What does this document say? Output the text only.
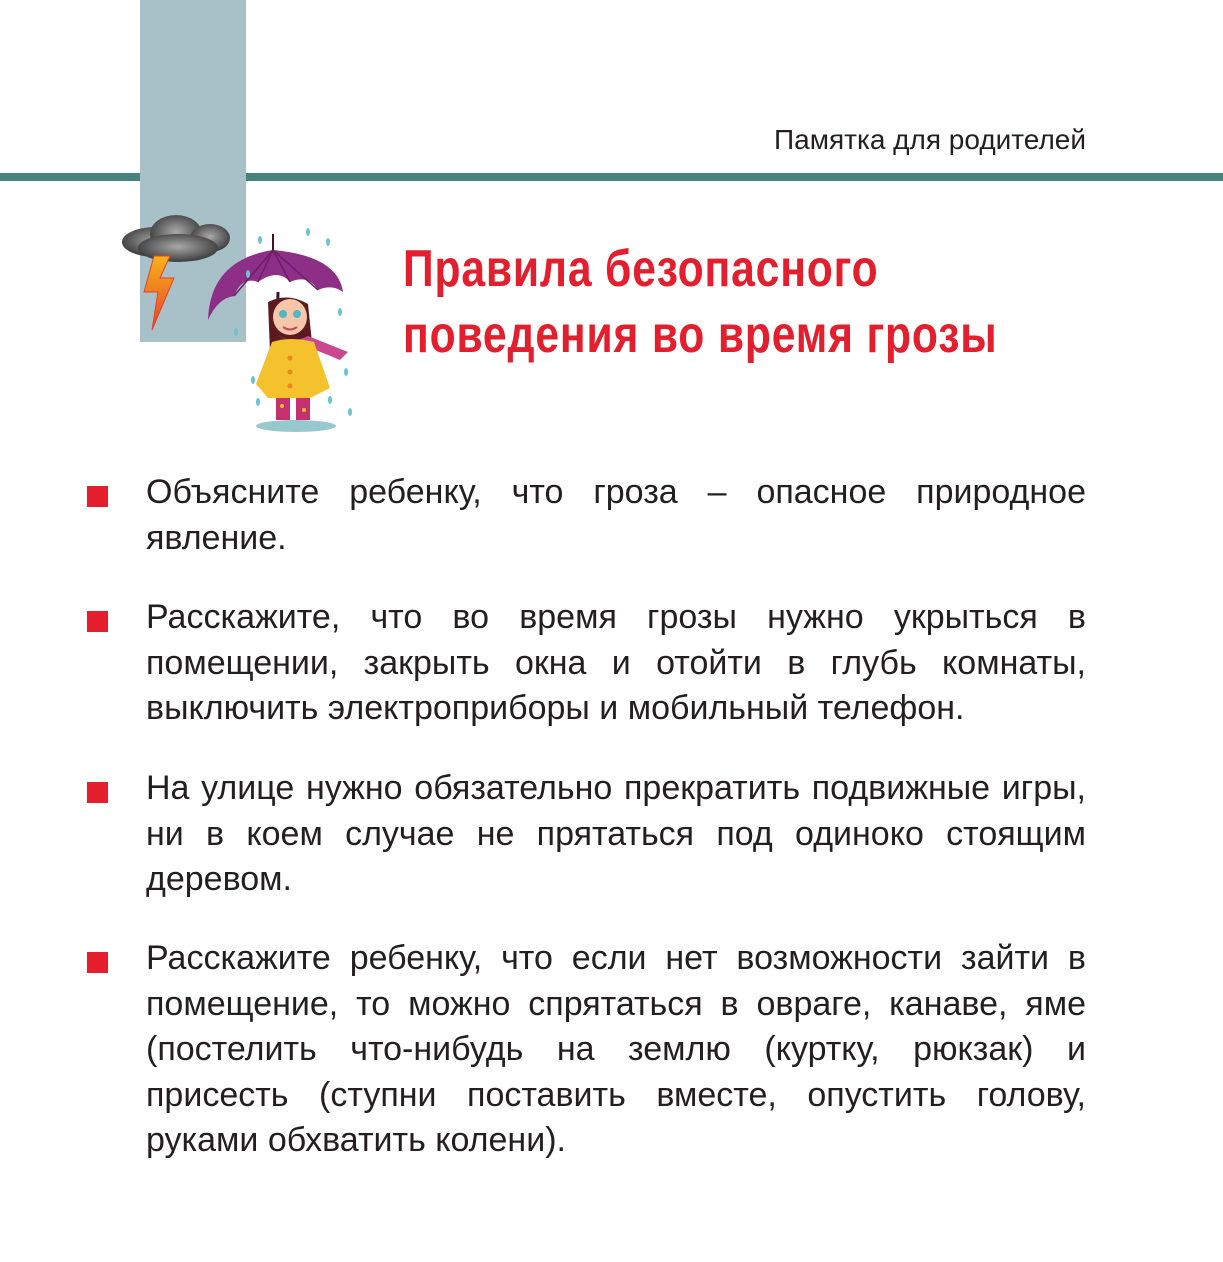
Памятка для родителей
Правила безопасного
поведения во время грозы
Объясните ребенку, что гроза – опасное природное явление.
Расскажите, что во время грозы нужно укрыться в помещении, закрыть окна и отойти в глубь комнаты, выключить электроприборы и мобильный телефон.
На улице нужно обязательно прекратить подвижные игры, ни в коем случае не прятаться под одиноко стоящим деревом.
Расскажите ребенку, что если нет возможности зайти в помещение, то можно спрятаться в овраге, канаве, яме (постелить что-нибудь на землю (куртку, рюкзак) и присесть (ступни поставить вместе, опустить голову, руками обхватить колени).
